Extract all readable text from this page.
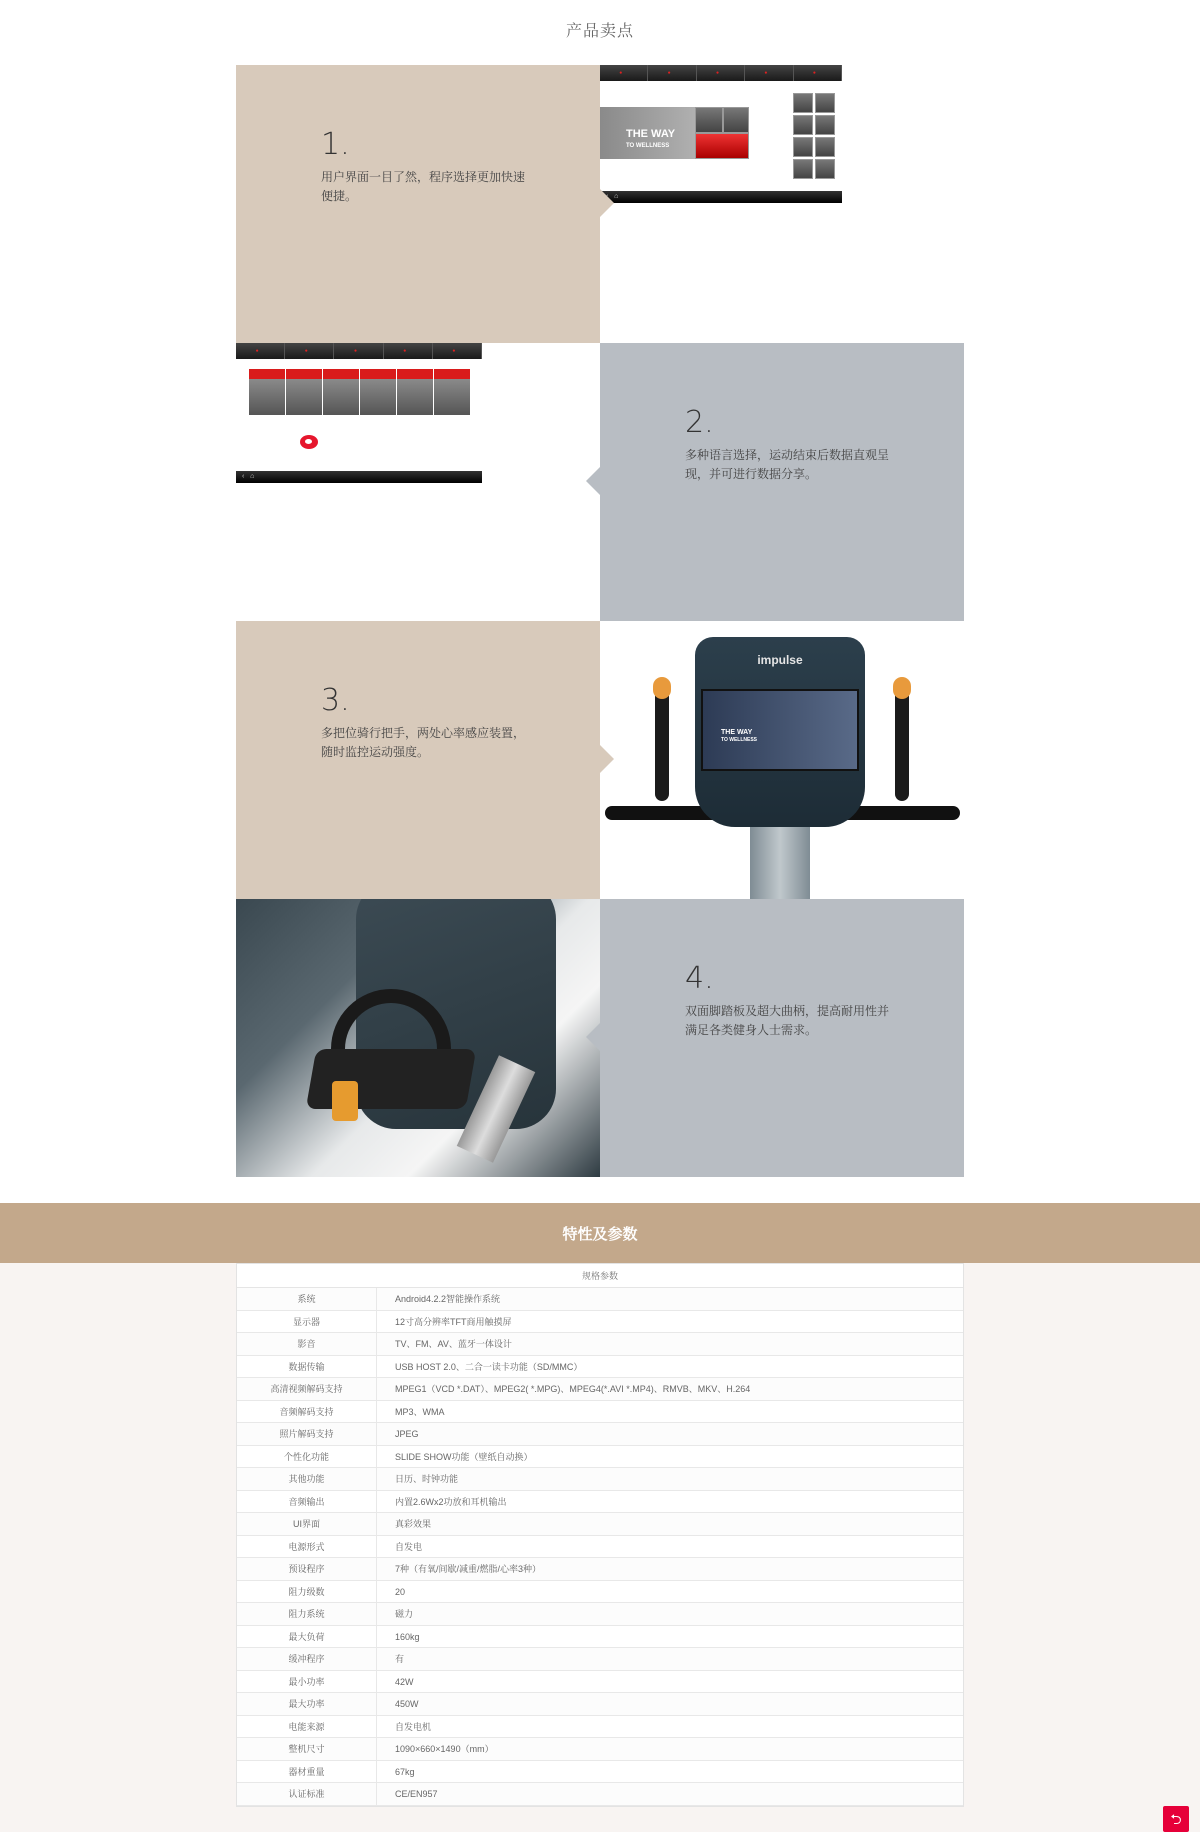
产品卖点
1.
用户界面一目了然，程序选择更加快速便捷。
●
●
●
●
●
THE WAY
TO WELLNESS
‹   ⌂
●
●
●
●
●
‹   ⌂
2.
多种语言选择，运动结束后数据直观呈现，并可进行数据分享。
3.
多把位骑行把手，两处心率感应装置，随时监控运动强度。
impulse
THE WAY
TO WELLNESS
4.
双面脚踏板及超大曲柄，提高耐用性并满足各类健身人士需求。
特性及参数
规格参数
系统	Android4.2.2智能操作系统
显示器	12寸高分辨率TFT商用触摸屏
影音	TV、FM、AV、蓝牙一体设计
数据传输	USB HOST 2.0、二合一读卡功能（SD/MMC）
高清视频解码支持	MPEG1（VCD *.DAT）、MPEG2( *.MPG)、MPEG4(*.AVI *.MP4)、RMVB、MKV、H.264
音频解码支持	MP3、WMA
照片解码支持	JPEG
个性化功能	SLIDE SHOW功能（壁纸自动换）
其他功能	日历、时钟功能
音频输出	内置2.6Wx2功放和耳机输出
UI界面	真彩效果
电源形式	自发电
预设程序	7种（有氧/间歇/减重/燃脂/心率3种）
阻力级数	20
阻力系统	磁力
最大负荷	160kg
缓冲程序	有
最小功率	42W
最大功率	450W
电能来源	自发电机
整机尺寸	1090×660×1490（mm）
器材重量	67kg
认证标准	CE/EN957
⮌
